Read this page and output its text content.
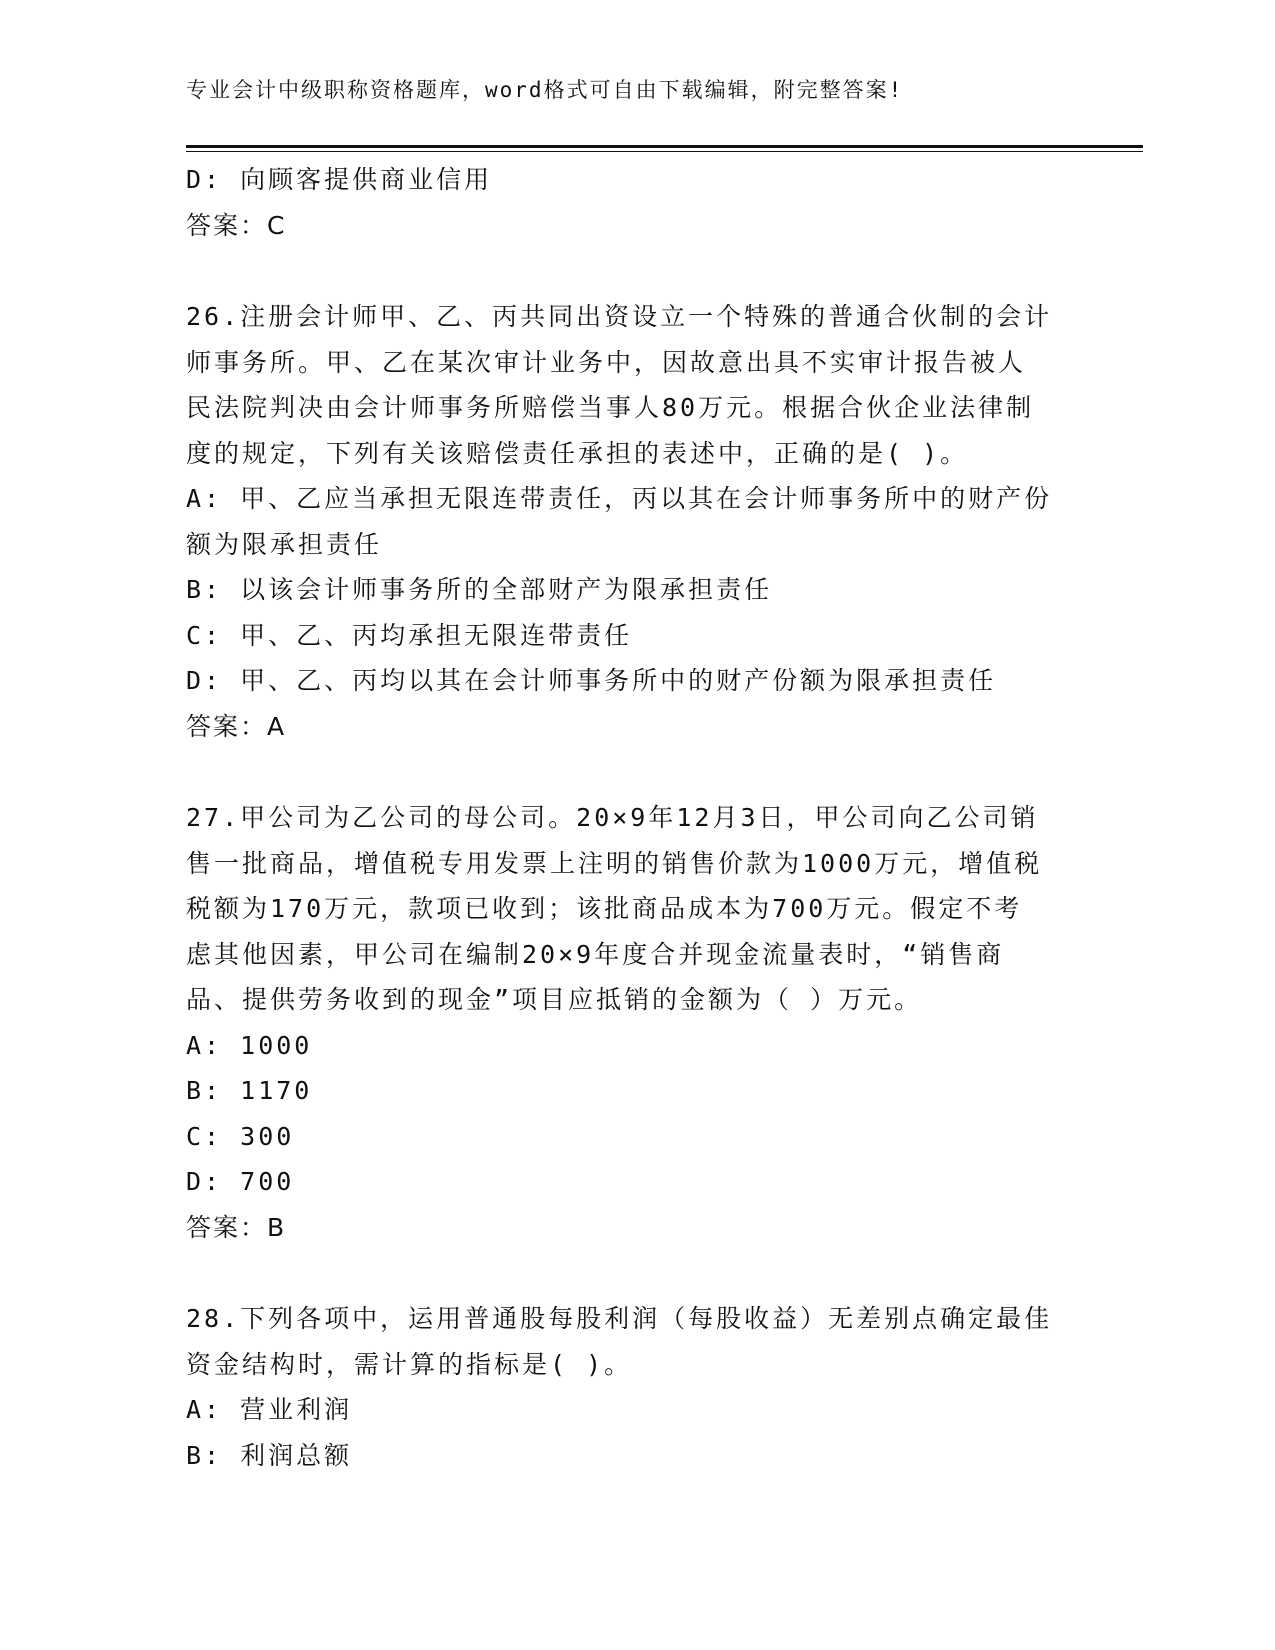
专业会计中级职称资格题库，word格式可自由下载编辑，附完整答案!
D: 向顾客提供商业信用
答案：C
26.注册会计师甲、乙、丙共同出资设立一个特殊的普通合伙制的会计
师事务所。甲、乙在某次审计业务中，因故意出具不实审计报告被人
民法院判决由会计师事务所赔偿当事人80万元。根据合伙企业法律制
度的规定，下列有关该赔偿责任承担的表述中，正确的是( )。
A: 甲、乙应当承担无限连带责任，丙以其在会计师事务所中的财产份
额为限承担责任
B: 以该会计师事务所的全部财产为限承担责任
C: 甲、乙、丙均承担无限连带责任
D: 甲、乙、丙均以其在会计师事务所中的财产份额为限承担责任
答案：A
27.甲公司为乙公司的母公司。20×9年12月3日，甲公司向乙公司销
售一批商品，增值税专用发票上注明的销售价款为1000万元，增值税
税额为170万元，款项已收到；该批商品成本为700万元。假定不考
虑其他因素，甲公司在编制20×9年度合并现金流量表时，“销售商
品、提供劳务收到的现金”项目应抵销的金额为（ ）万元。
A: 1000
B: 1170
C: 300
D: 700
答案：B
28.下列各项中，运用普通股每股利润（每股收益）无差别点确定最佳
资金结构时，需计算的指标是( )。
A: 营业利润
B: 利润总额
